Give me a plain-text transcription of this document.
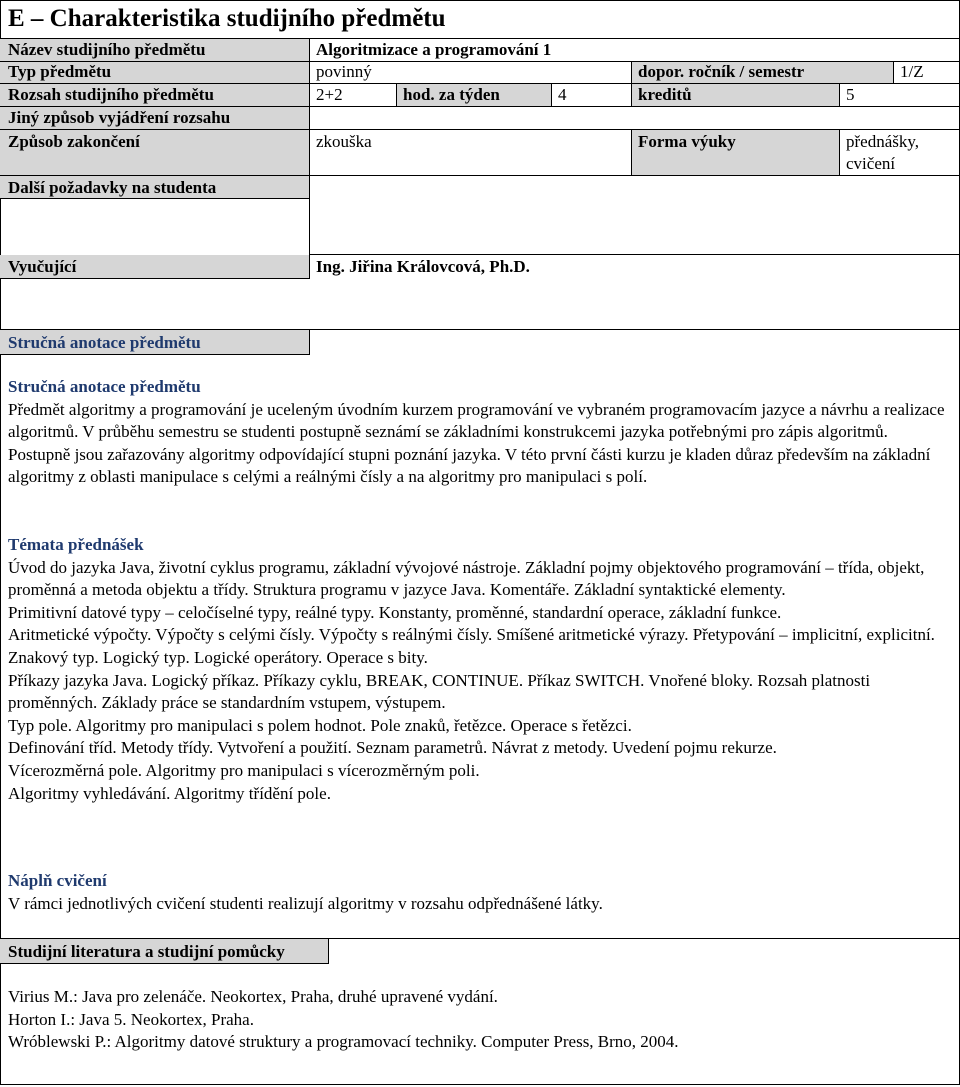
E – Charakteristika studijního předmětu
Název studijního předmětu	Algoritmizace a programování 1
Typ předmětu	povinný	dopor. ročník / semestr	1/Z
Rozsah studijního předmětu	2+2	hod. za týden	4	kreditů	5
Jiný způsob vyjádření rozsahu
Způsob zakončení	zkouška	Forma výuky	přednášky,
cvičení
Další požadavky na studenta
Vyučující	Ing. Jiřina Královcová, Ph.D.
Stručná anotace předmětu

Stručná anotace předmětu

Předmět algoritmy a programování je uceleným úvodním kurzem programování ve vybraném programovacím jazyce a návrhu a realizace algoritmů. V průběhu semestru se studenti postupně seznámí se základními konstrukcemi jazyka potřebnými pro zápis algoritmů. Postupně jsou zařazovány algoritmy odpovídající stupni poznání jazyka. V této první části kurzu je kladen důraz především na základní algoritmy z oblasti manipulace s celými a reálnými čísly a na algoritmy pro manipulaci s polí.

Témata přednášek

Úvod do jazyka Java, životní cyklus programu, základní vývojové nástroje. Základní pojmy objektového programování – třída, objekt, proměnná a metoda objektu a třídy. Struktura programu v jazyce Java. Komentáře. Základní syntaktické elementy.

Primitivní datové typy – celočíselné typy, reálné typy. Konstanty, proměnné, standardní operace, základní funkce.

Aritmetické výpočty. Výpočty s celými čísly. Výpočty s reálnými čísly. Smíšené aritmetické výrazy. Přetypování – implicitní, explicitní.

Znakový typ. Logický typ. Logické operátory. Operace s bity.

Příkazy jazyka Java. Logický příkaz. Příkazy cyklu, BREAK, CONTINUE. Příkaz SWITCH. Vnořené bloky. Rozsah platnosti proměnných. Základy práce se standardním vstupem, výstupem.

Typ pole. Algoritmy pro manipulaci s polem hodnot. Pole znaků, řetězce. Operace s řetězci.

Definování tříd. Metody třídy. Vytvoření a použití. Seznam parametrů. Návrat z metody. Uvedení pojmu rekurze.

Vícerozměrná pole. Algoritmy pro manipulaci s vícerozměrným poli.

Algoritmy vyhledávání. Algoritmy třídění pole.

Náplň cvičení

V rámci jednotlivých cvičení studenti realizují algoritmy v rozsahu odpřednášené látky.

Studijní literatura a studijní pomůcky

Virius M.: Java pro zelenáče. Neokortex, Praha, druhé upravené vydání.

Horton I.: Java 5. Neokortex, Praha.

Wróblewski P.: Algoritmy datové struktury a programovací techniky. Computer Press, Brno, 2004.
